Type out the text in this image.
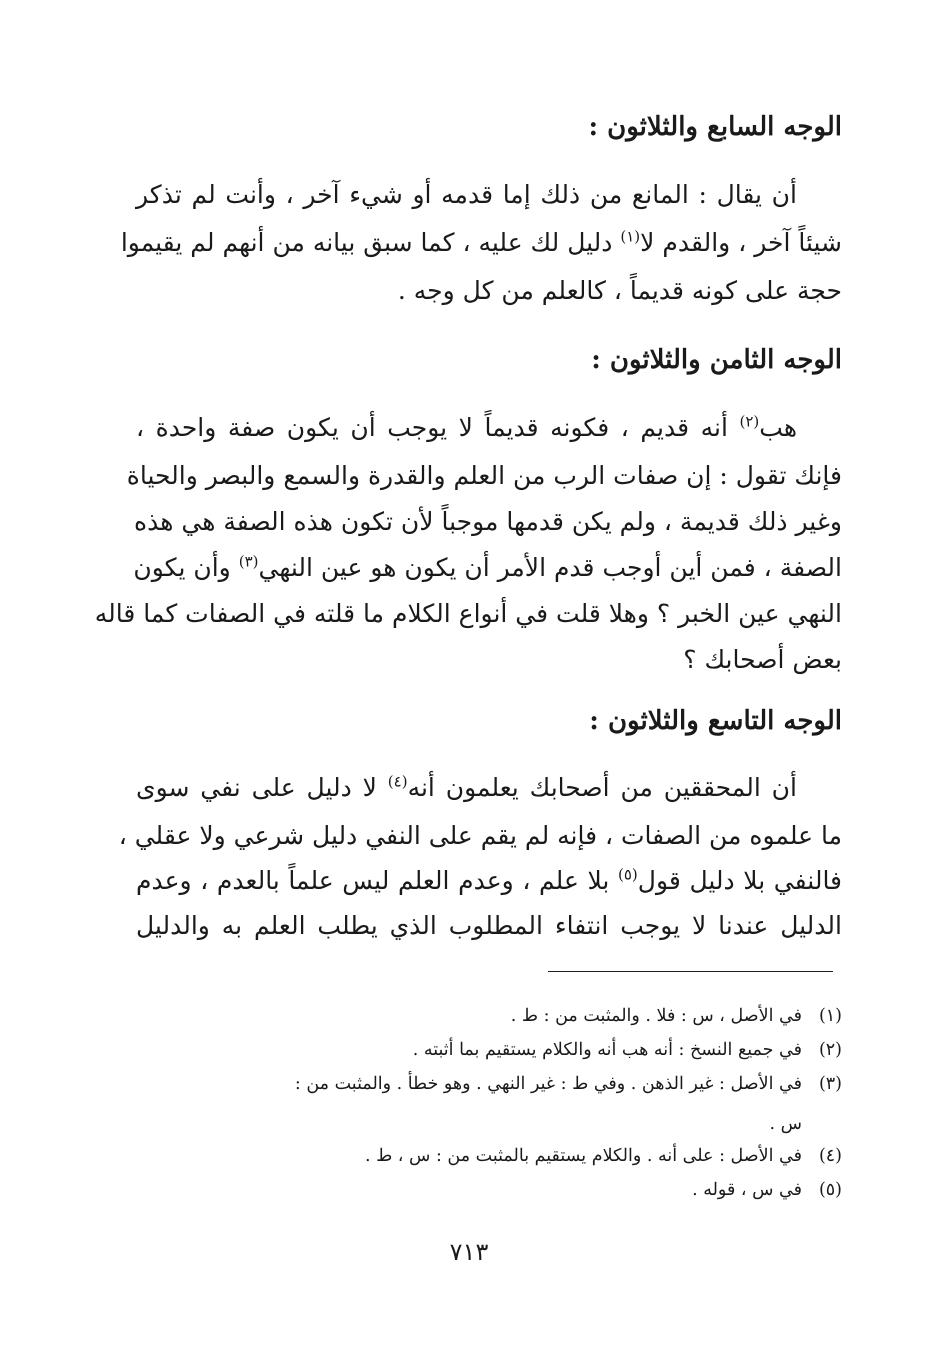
الوجه السابع والثلاثون :
أن يقال : المانع من ذلك إما قدمه أو شيء آخر ، وأنت لم تذكر
شيئاً آخر ، والقدم لا$^{(١)}$ دليل لك عليه ، كما سبق بيانه من أنهم لم يقيموا
حجة على كونه قديماً ، كالعلم من كل وجه .
الوجه الثامن والثلاثون :
هب$^{(٢)}$ أنه قديم ، فكونه قديماً لا يوجب أن يكون صفة واحدة ،
فإنك تقول : إن صفات الرب من العلم والقدرة والسمع والبصر والحياة
وغير ذلك قديمة ، ولم يكن قدمها موجباً لأن تكون هذه الصفة هي هذه
الصفة ، فمن أين أوجب قدم الأمر أن يكون هو عين النهي$^{(٣)}$ وأن يكون
النهي عين الخبر ؟ وهلا قلت في أنواع الكلام ما قلته في الصفات كما قاله
بعض أصحابك ؟
الوجه التاسع والثلاثون :
أن المحققين من أصحابك يعلمون أنه$^{(٤)}$ لا دليل على نفي سوى
ما علموه من الصفات ، فإنه لم يقم على النفي دليل شرعي ولا عقلي ،
فالنفي بلا دليل قول$^{(٥)}$ بلا علم ، وعدم العلم ليس علماً بالعدم ، وعدم
الدليل عندنا لا يوجب انتفاء المطلوب الذي يطلب العلم به والدليل
(١)في الأصل ، س : فلا . والمثبت من : ط .
(٢)في جميع النسخ : أنه هب أنه والكلام يستقيم بما أثبته .
(٣)في الأصل : غير الذهن . وفي ط : غير النهي . وهو خطأ . والمثبت من :
س .
(٤)في الأصل : على أنه . والكلام يستقيم بالمثبت من : س ، ط .
(٥)في س ، قوله .
٧١٣
